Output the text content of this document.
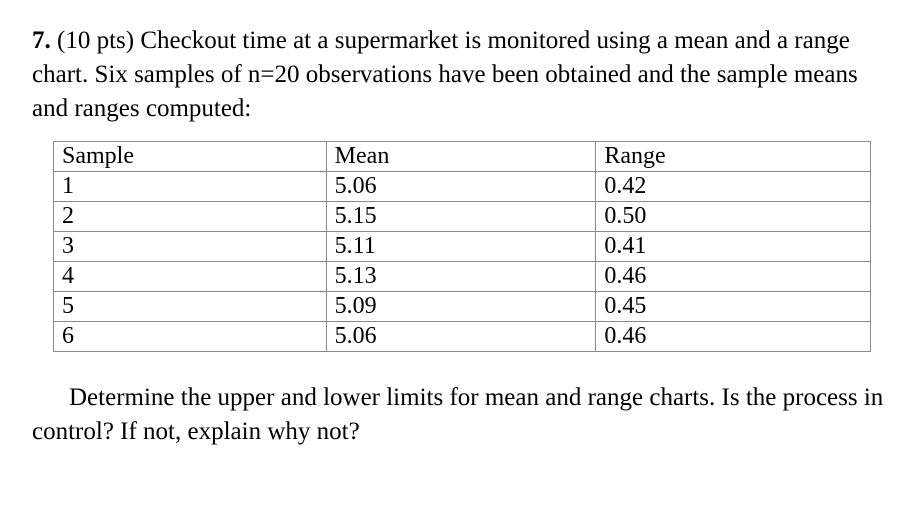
7. (10 pts) Checkout time at a supermarket is monitored using a mean and a range chart. Six samples of n=20 observations have been obtained and the sample means and ranges computed:

Sample	Mean	Range
1	5.06	0.42
2	5.15	0.50
3	5.11	0.41
4	5.13	0.46
5	5.09	0.45
6	5.06	0.46

Determine the upper and lower limits for mean and range charts. Is the process in control? If not, explain why not?
